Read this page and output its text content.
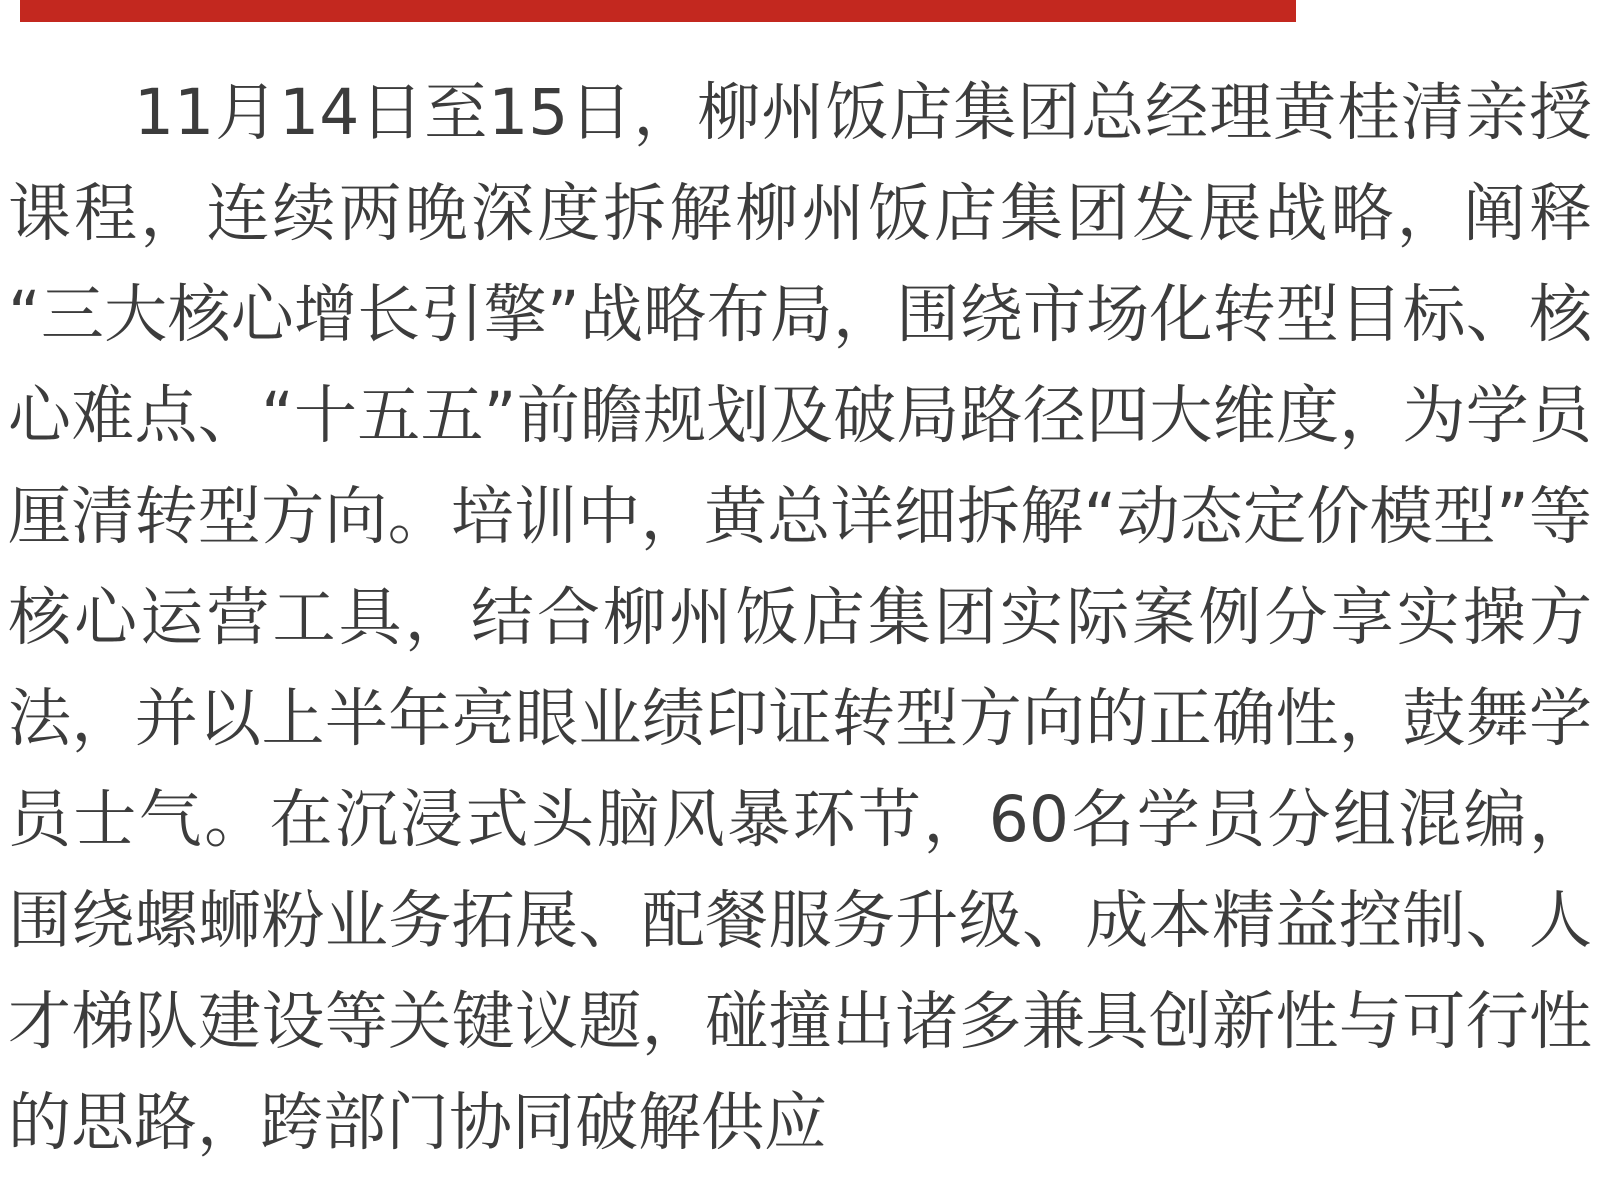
11月14日至15日，柳州饭店集团总经理黄桂清亲授课程，连续两晚深度拆解柳州饭店集团发展战略，阐释“三大核心增长引擎”战略布局，围绕市场化转型目标、核心难点、“十五五”前瞻规划及破局路径四大维度，为学员厘清转型方向。培训中，黄总详细拆解“动态定价模型”等核心运营工具，结合柳州饭店集团实际案例分享实操方法，并以上半年亮眼业绩印证转型方向的正确性，鼓舞学员士气。在沉浸式头脑风暴环节，60名学员分组混编，围绕螺蛳粉业务拓展、配餐服务升级、成本精益控制、人才梯队建设等关键议题，碰撞出诸多兼具创新性与可行性的思路，跨部门协同破解供应
